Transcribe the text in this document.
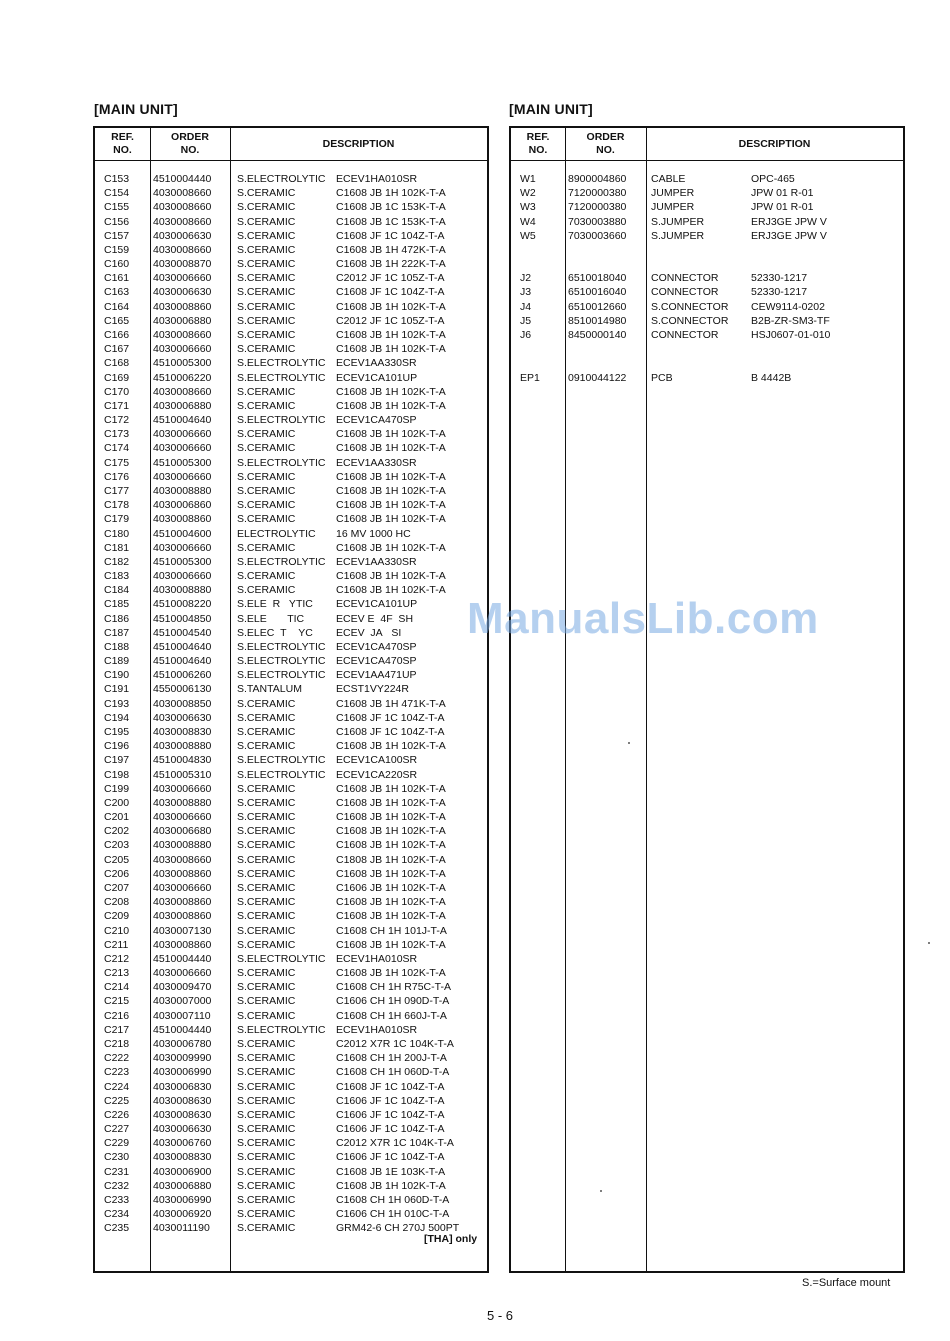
[MAIN UNIT]	[MAIN UNIT]
REF.
NO.
ORDER
NO.
DESCRIPTION
[THA] only
C153 4510004440 S.ELECTROLYTIC ECEV1HA010SR
C154 4030008660 S.CERAMIC	C1608 JB 1H 102K-T-A
C155 4030008660 S.CERAMIC	C1608 JB 1C 153K-T-A
C156 4030008660 S.CERAMIC	C1608 JB 1C 153K-T-A
C157 4030006630 S.CERAMIC	C1608 JF 1C 104Z-T-A
C159 4030008660 S.CERAMIC	C1608 JB 1H 472K-T-A
C160 4030008870 S.CERAMIC	C1608 JB 1H 222K-T-A
C161 4030006660 S.CERAMIC	C2012 JF 1C 105Z-T-A
C163 4030006630 S.CERAMIC	C1608 JF 1C 104Z-T-A
C164 4030008860 S.CERAMIC	C1608 JB 1H 102K-T-A
C165 4030006880 S.CERAMIC	C2012 JF 1C 105Z-T-A
C166 4030008660 S.CERAMIC	C1608 JB 1H 102K-T-A
C167 4030006660 S.CERAMIC	C1608 JB 1H 102K-T-A
C168 4510005300 S.ELECTROLYTIC ECEV1AA330SR
C169 4510006220 S.ELECTROLYTIC ECEV1CA101UP
C170 4030008660 S.CERAMIC	C1608 JB 1H 102K-T-A
C171 4030006880 S.CERAMIC	C1608 JB 1H 102K-T-A
C172 4510004640 S.ELECTROLYTIC ECEV1CA470SP
C173 4030006660 S.CERAMIC	C1608 JB 1H 102K-T-A
C174 4030006660 S.CERAMIC	C1608 JB 1H 102K-T-A
C175 4510005300 S.ELECTROLYTIC ECEV1AA330SR
C176 4030006660 S.CERAMIC	C1608 JB 1H 102K-T-A
C177 4030008880 S.CERAMIC	C1608 JB 1H 102K-T-A
C178 4030006860 S.CERAMIC	C1608 JB 1H 102K-T-A
C179 4030008860 S.CERAMIC	C1608 JB 1H 102K-T-A
C180 4510004600 ELECTROLYTIC 16 MV 1000 HC
C181 4030006660 S.CERAMIC	C1608 JB 1H 102K-T-A
C182 4510005300 S.ELECTROLYTIC ECEV1AA330SR
C183 4030006660 S.CERAMIC	C1608 JB 1H 102K-T-A
C184 4030008880 S.CERAMIC	C1608 JB 1H 102K-T-A
C185 4510008220 S.ELE  R   YTIC ECEV1CA101UP
C186 4510004850 S.ELE       TIC	ECEV E  4F  SH
C187 4510004540 S.ELEC  T    YC ECEV  JA   SI
C188 4510004640 S.ELECTROLYTIC ECEV1CA470SP
C189 4510004640 S.ELECTROLYTIC ECEV1CA470SP
C190 4510006260 S.ELECTROLYTIC ECEV1AA471UP
C191 4550006130 S.TANTALUM	ECST1VY224R
C193 4030008850 S.CERAMIC	C1608 JB 1H 471K-T-A
C194 4030006630 S.CERAMIC	C1608 JF 1C 104Z-T-A
C195 4030008830 S.CERAMIC	C1608 JF 1C 104Z-T-A
C196 4030008880 S.CERAMIC	C1608 JB 1H 102K-T-A
C197 4510004830 S.ELECTROLYTIC ECEV1CA100SR
C198 4510005310 S.ELECTROLYTIC ECEV1CA220SR
C199 4030006660 S.CERAMIC	C1608 JB 1H 102K-T-A
C200 4030008880 S.CERAMIC	C1608 JB 1H 102K-T-A
C201 4030006660 S.CERAMIC	C1608 JB 1H 102K-T-A
C202 4030006680 S.CERAMIC	C1608 JB 1H 102K-T-A
C203 4030008880 S.CERAMIC	C1608 JB 1H 102K-T-A
C205 4030008660 S.CERAMIC	C1808 JB 1H 102K-T-A
C206 4030008860 S.CERAMIC	C1608 JB 1H 102K-T-A
C207 4030006660 S.CERAMIC	C1606 JB 1H 102K-T-A
C208 4030008860 S.CERAMIC	C1608 JB 1H 102K-T-A
C209 4030008860 S.CERAMIC	C1608 JB 1H 102K-T-A
C210 4030007130 S.CERAMIC	C1608 CH 1H 101J-T-A
C211 4030008860 S.CERAMIC	C1608 JB 1H 102K-T-A
C212 4510004440 S.ELECTROLYTIC ECEV1HA010SR
C213 4030006660 S.CERAMIC	C1608 JB 1H 102K-T-A
C214 4030009470 S.CERAMIC	C1608 CH 1H R75C-T-A
C215 4030007000 S.CERAMIC	C1606 CH 1H 090D-T-A
C216 4030007110	S.CERAMIC	C1608 CH 1H 660J-T-A
C217 4510004440 S.ELECTROLYTIC ECEV1HA010SR
C218 4030006780 S.CERAMIC	C2012 X7R 1C 104K-T-A
C222 4030009990 S.CERAMIC	C1608 CH 1H 200J-T-A
C223 4030006990 S.CERAMIC	C1608 CH 1H 060D-T-A
C224 4030006830 S.CERAMIC	C1608 JF 1C 104Z-T-A
C225 4030008630 S.CERAMIC	C1606 JF 1C 104Z-T-A
C226 4030008630 S.CERAMIC	C1606 JF 1C 104Z-T-A
C227 4030006630 S.CERAMIC	C1606 JF 1C 104Z-T-A
C229 4030006760 S.CERAMIC	C2012 X7R 1C 104K-T-A
C230 4030008830 S.CERAMIC	C1606 JF 1C 104Z-T-A
C231 4030006900 S.CERAMIC	C1608 JB 1E 103K-T-A
C232 4030006880 S.CERAMIC	C1608 JB 1H 102K-T-A
C233 4030006990 S.CERAMIC	C1608 CH 1H 060D-T-A
C234 4030006920 S.CERAMIC	C1606 CH 1H 010C-T-A
C235 4030011190	S.CERAMIC	GRM42-6 CH 270J 500PT
REF.
NO.
ORDER
NO.
DESCRIPTION
W1	8900004860 CABLE	OPC-465
W2	7120000380 JUMPER	JPW 01 R-01
W3	7120000380 JUMPER	JPW 01 R-01
W4	7030003880 S.JUMPER	ERJ3GE JPW V
W5	7030003660 S.JUMPER	ERJ3GE JPW V
J2	6510018040 CONNECTOR	52330-1217
J3	6510016040 CONNECTOR	52330-1217
J4	6510012660 S.CONNECTOR CEW9114-0202
J5	8510014980 S.CONNECTOR B2B-ZR-SM3-TF
J6	8450000140 CONNECTOR	HSJ0607-01-010
EP1	0910044122 PCB	B 4442B
S.=Surface mount
5 - 6
ManualsLib.com
